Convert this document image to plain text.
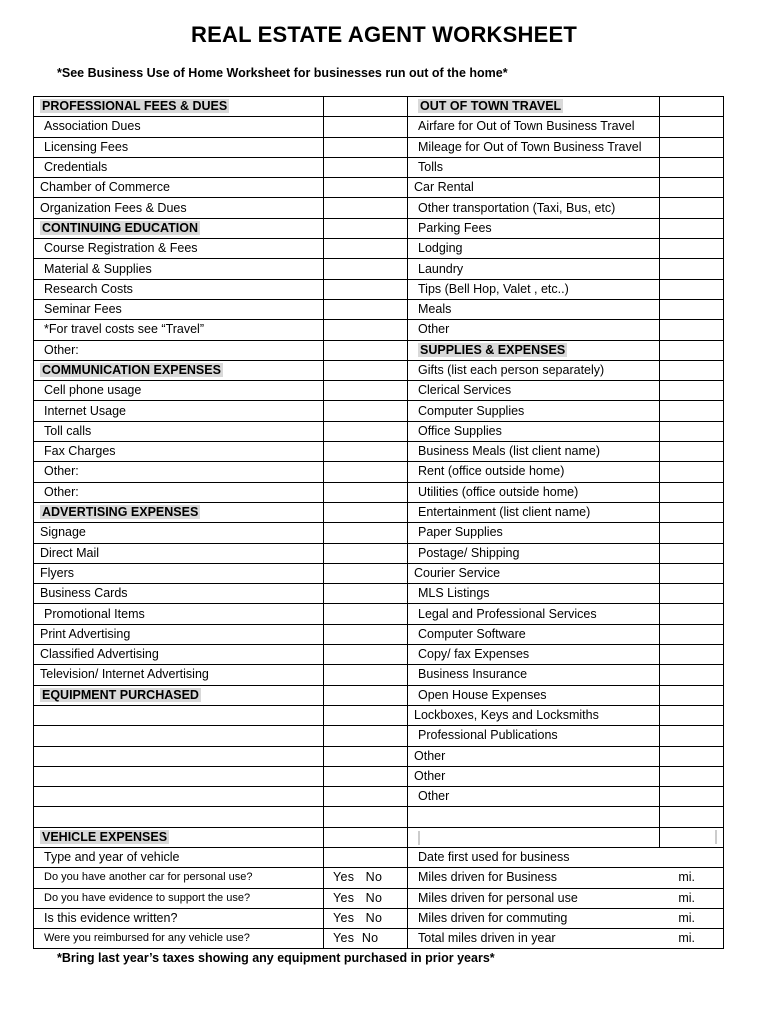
REAL ESTATE AGENT WORKSHEET
*See Business Use of Home Worksheet for businesses run out of the home*
PROFESSIONAL FEES & DUES		OUT OF TOWN TRAVEL	
Association Dues		Airfare for Out of Town Business Travel	
Licensing Fees		Mileage for Out of Town Business Travel	
Credentials		Tolls	
Chamber of Commerce		Car Rental	
Organization Fees & Dues		Other transportation (Taxi, Bus, etc)	
CONTINUING EDUCATION		Parking Fees	
Course Registration & Fees		Lodging	
Material & Supplies		Laundry	
Research Costs		Tips (Bell Hop, Valet , etc..)	
Seminar Fees		Meals	
*For travel costs see “Travel”		Other	
Other:		SUPPLIES & EXPENSES	
COMMUNICATION EXPENSES		Gifts (list each person separately)	
Cell phone usage		Clerical Services	
Internet Usage		Computer Supplies	
Toll calls		Office Supplies	
Fax Charges		Business Meals (list client name)	
Other:		Rent (office outside home)	
Other:		Utilities (office outside home)	
ADVERTISING EXPENSES		Entertainment (list client name)	
Signage		Paper Supplies	
Direct Mail		Postage/ Shipping	
Flyers		Courier Service	
Business Cards		MLS Listings	
Promotional Items		Legal and Professional Services	
Print Advertising		Computer Software	
Classified Advertising		Copy/ fax Expenses	
Television/ Internet Advertising		Business Insurance	
EQUIPMENT PURCHASED		Open House Expenses	
		Lockboxes, Keys and Locksmiths	
		Professional Publications	
		Other	
		Other	
		Other	

VEHICLE EXPENSES			

Type and year of vehicle		Date first used for business	

Do you have another car for personal use?	Yes   No	Miles driven for Business mi.	

Do you have evidence to support the use?	Yes   No	Miles driven for personal use mi.	

Is this evidence written?	Yes   No	Miles driven for commuting mi.	

Were you reimbursed for any vehicle use?	Yes  No	Total miles driven in year mi.	
*Bring last year’s taxes showing any equipment purchased in prior years*
